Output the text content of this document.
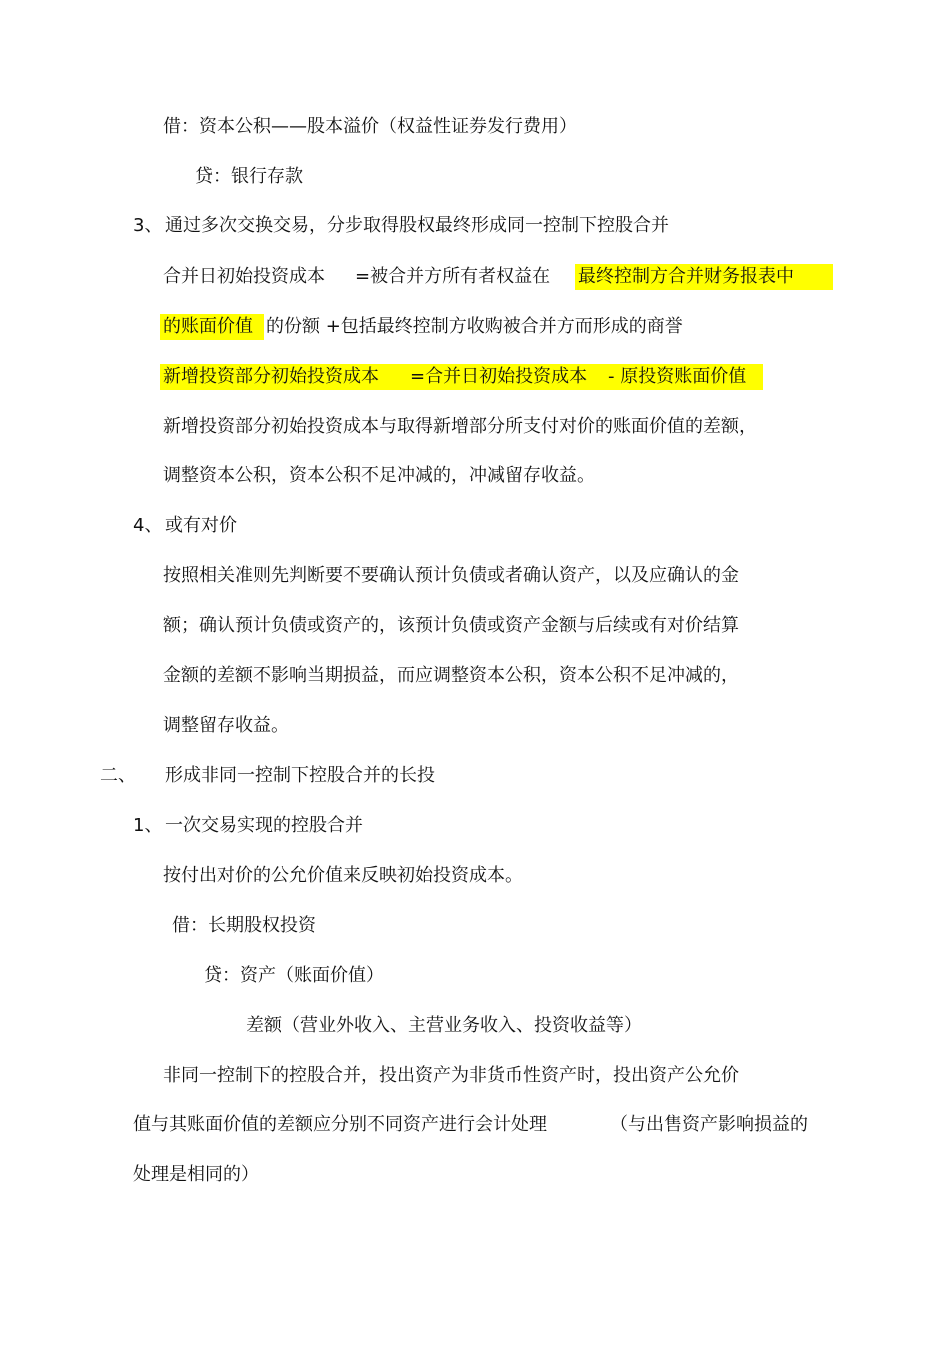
借：资本公积——股本溢价（权益性证券发行费用）
贷：银行存款
3、 通过多次交换交易，分步取得股权最终形成同一控制下控股合并
合并日初始投资成本 =被合并方所有者权益在 最终控制方合并财务报表中
的账面价值 的份额 +包括最终控制方收购被合并方而形成的商誉
新增投资部分初始投资成本 =合并日初始投资成本 - 原投资账面价值
新增投资部分初始投资成本与取得新增部分所支付对价的账面价值的差额，
调整资本公积，资本公积不足冲减的，冲减留存收益。
4、 或有对价
按照相关准则先判断要不要确认预计负债或者确认资产，以及应确认的金
额；确认预计负债或资产的，该预计负债或资产金额与后续或有对价结算
金额的差额不影响当期损益，而应调整资本公积，资本公积不足冲减的，
调整留存收益。
二、 形成非同一控制下控股合并的长投
1、 一次交易实现的控股合并
按付出对价的公允价值来反映初始投资成本。
借：长期股权投资
贷：资产（账面价值）
差额（营业外收入、主营业务收入、投资收益等）
非同一控制下的控股合并，投出资产为非货币性资产时，投出资产公允价
值与其账面价值的差额应分别不同资产进行会计处理	（与出售资产影响损益的
处理是相同的）
